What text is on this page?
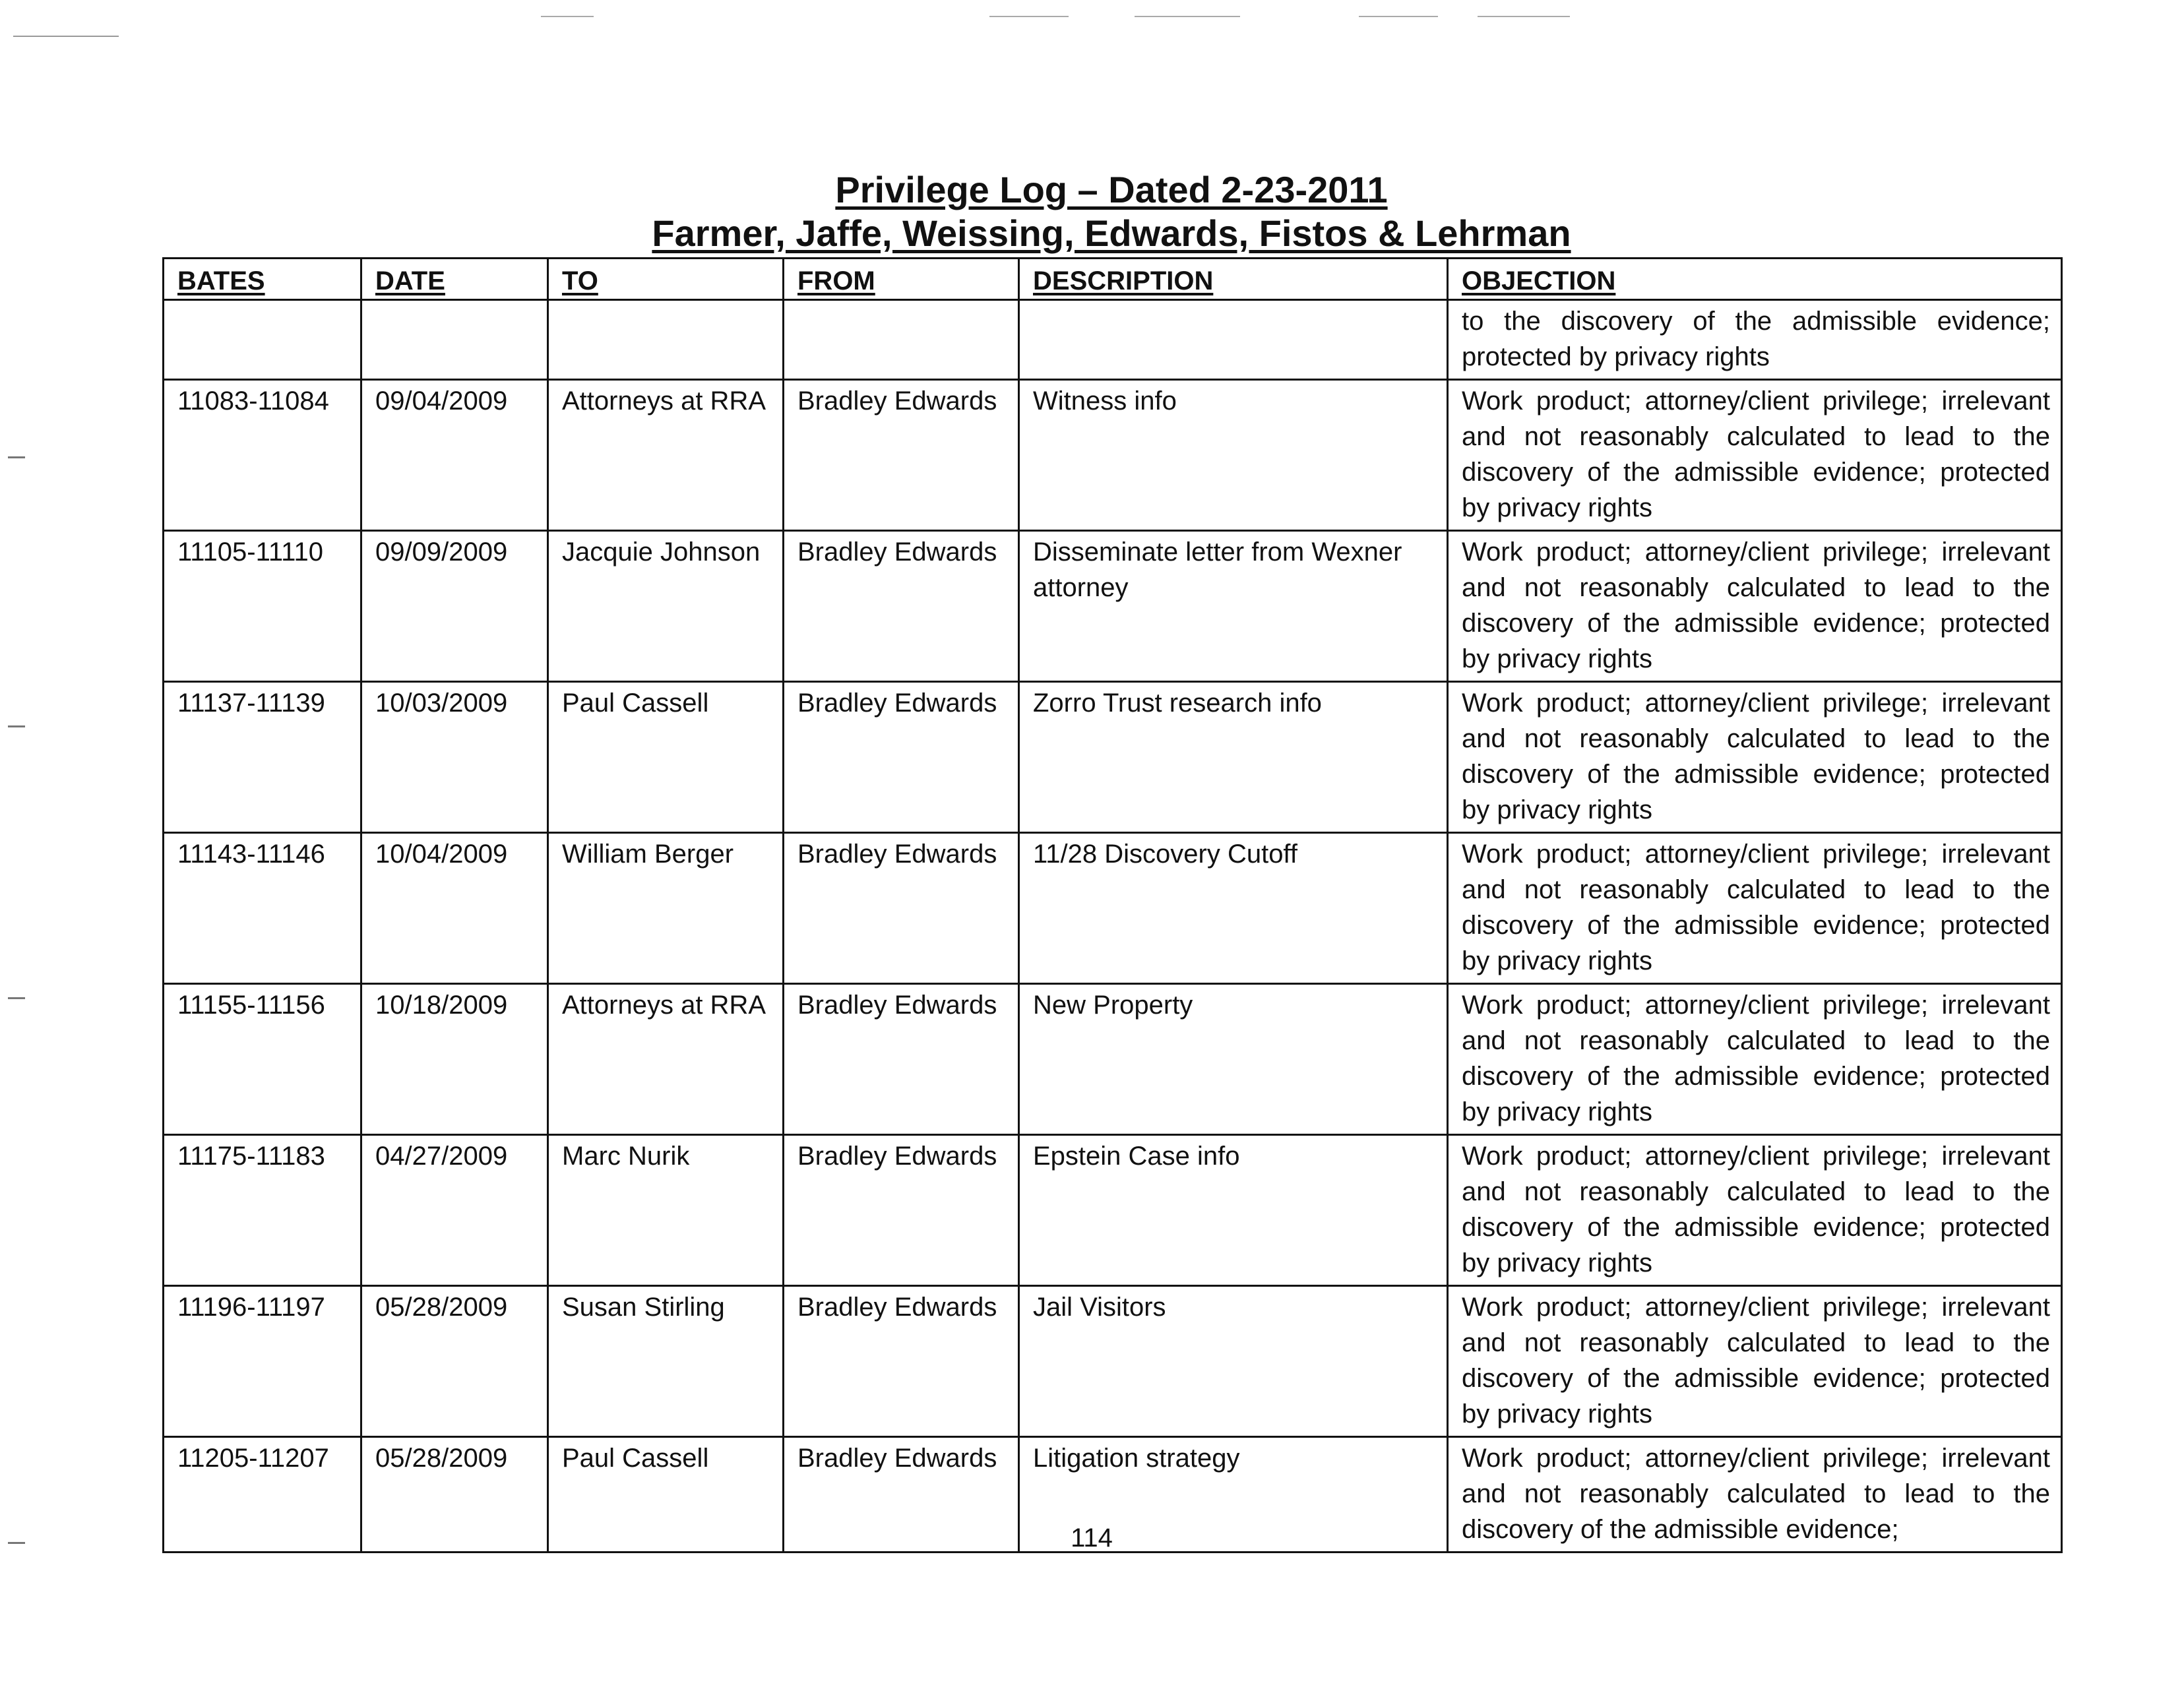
Privilege Log – Dated 2-23-2011
Farmer, Jaffe, Weissing, Edwards, Fistos & Lehrman
BATES	DATE	TO	FROM	DESCRIPTION	OBJECTION
					to the discovery of the admissible evidence; protected by privacy rights
11083-11084	09/04/2009	Attorneys at RRA	Bradley Edwards	Witness info	Work product; attorney/client privilege; irrelevant and not reasonably calculated to lead to the discovery of the admissible evidence; protected by privacy rights
11105-11110	09/09/2009	Jacquie Johnson	Bradley Edwards	Disseminate letter from Wexner attorney	Work product; attorney/client privilege; irrelevant and not reasonably calculated to lead to the discovery of the admissible evidence; protected by privacy rights
11137-11139	10/03/2009	Paul Cassell	Bradley Edwards	Zorro Trust research info	Work product; attorney/client privilege; irrelevant and not reasonably calculated to lead to the discovery of the admissible evidence; protected by privacy rights
11143-11146	10/04/2009	William Berger	Bradley Edwards	11/28 Discovery Cutoff	Work product; attorney/client privilege; irrelevant and not reasonably calculated to lead to the discovery of the admissible evidence; protected by privacy rights
11155-11156	10/18/2009	Attorneys at RRA	Bradley Edwards	New Property	Work product; attorney/client privilege; irrelevant and not reasonably calculated to lead to the discovery of the admissible evidence; protected by privacy rights
11175-11183	04/27/2009	Marc Nurik	Bradley Edwards	Epstein Case info	Work product; attorney/client privilege; irrelevant and not reasonably calculated to lead to the discovery of the admissible evidence; protected by privacy rights
11196-11197	05/28/2009	Susan Stirling	Bradley Edwards	Jail Visitors	Work product; attorney/client privilege; irrelevant and not reasonably calculated to lead to the discovery of the admissible evidence; protected by privacy rights
11205-11207	05/28/2009	Paul Cassell	Bradley Edwards	Litigation strategy	Work product; attorney/client privilege; irrelevant and not reasonably calculated to lead to the discovery of the admissible evidence;
114
